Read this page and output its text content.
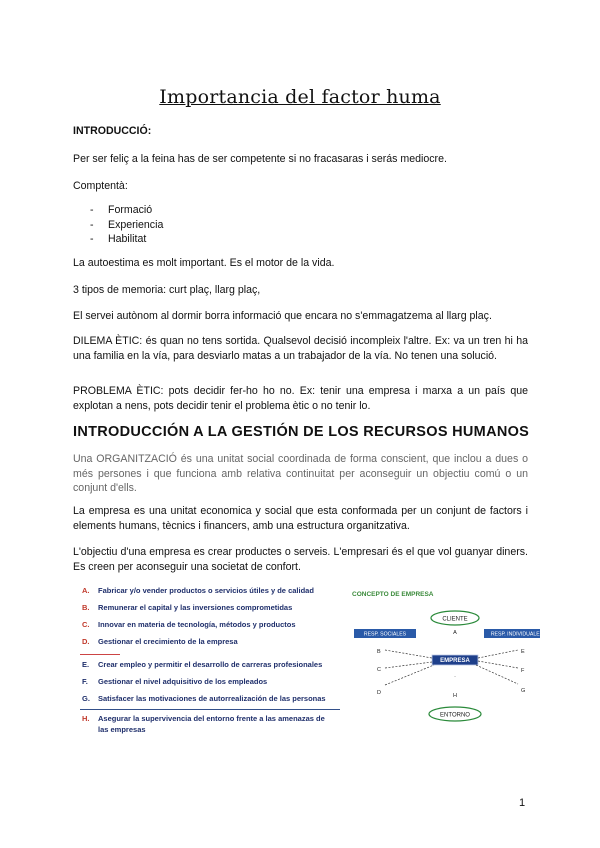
Importancia del factor huma
INTRODUCCIÓ:
Per ser feliç a la feina has de ser competente si no fracasaras i serás mediocre.
Comptentà:
- Formació
- Experiencia
- Habilitat
La autoestima es molt important. Es el motor de la vida.
3 tipos de memoria: curt plaç, llarg plaç,
El servei autònom al dormir borra informació que encara no s'emmagatzema al llarg plaç.
DILEMA ÈTIC: és quan no tens sortida. Qualsevol decisió incompleix l'altre. Ex: va un tren hi ha una familia en la vía, para desviarlo matas a un trabajador de la vía. No tenen una solució.
PROBLEMA ÈTIC: pots decidir fer-ho ho no. Ex: tenir una empresa i marxa a un país que explotan a nens, pots decidir tenir el problema ètic o no tenir lo.
INTRODUCCIÓN A LA GESTIÓN DE LOS RECURSOS HUMANOS
Una ORGANITZACIÓ és una unitat social coordinada de forma conscient, que inclou a dues o més persones i que funciona amb relativa continuitat per aconseguir un objectiu comú o un conjunt d'ells.
La empresa es una unitat economica y social que esta conformada per un conjunt de factors i elements humans, tècnics i financers, amb una estructura organitzativa.
L'objectiu d'una empresa es crear productes o serveis. L'empresari és el que vol guanyar diners. Es creen per aconseguir una societat de confort.
A. Fabricar y/o vender productos o servicios útiles y de calidad
B. Remunerar el capital y las inversiones comprometidas
C. Innovar en materia de tecnología, métodos y productos
D. Gestionar el crecimiento de la empresa
E. Crear empleo y permitir el desarrollo de carreras profesionales
F. Gestionar el nivel adquisitivo de los empleados
G. Satisfacer las motivaciones de autorrealización de las personas
H. Asegurar la supervivencia del entorno frente a las amenazas de
las empresas
CONCEPTO DE EMPRESA
CLIENTE
A
RESP. SOCIALES	RESP. INDIVIDUALES
EMPRESA
B
C
D
E
F
G
.
H
ENTORNO
1
